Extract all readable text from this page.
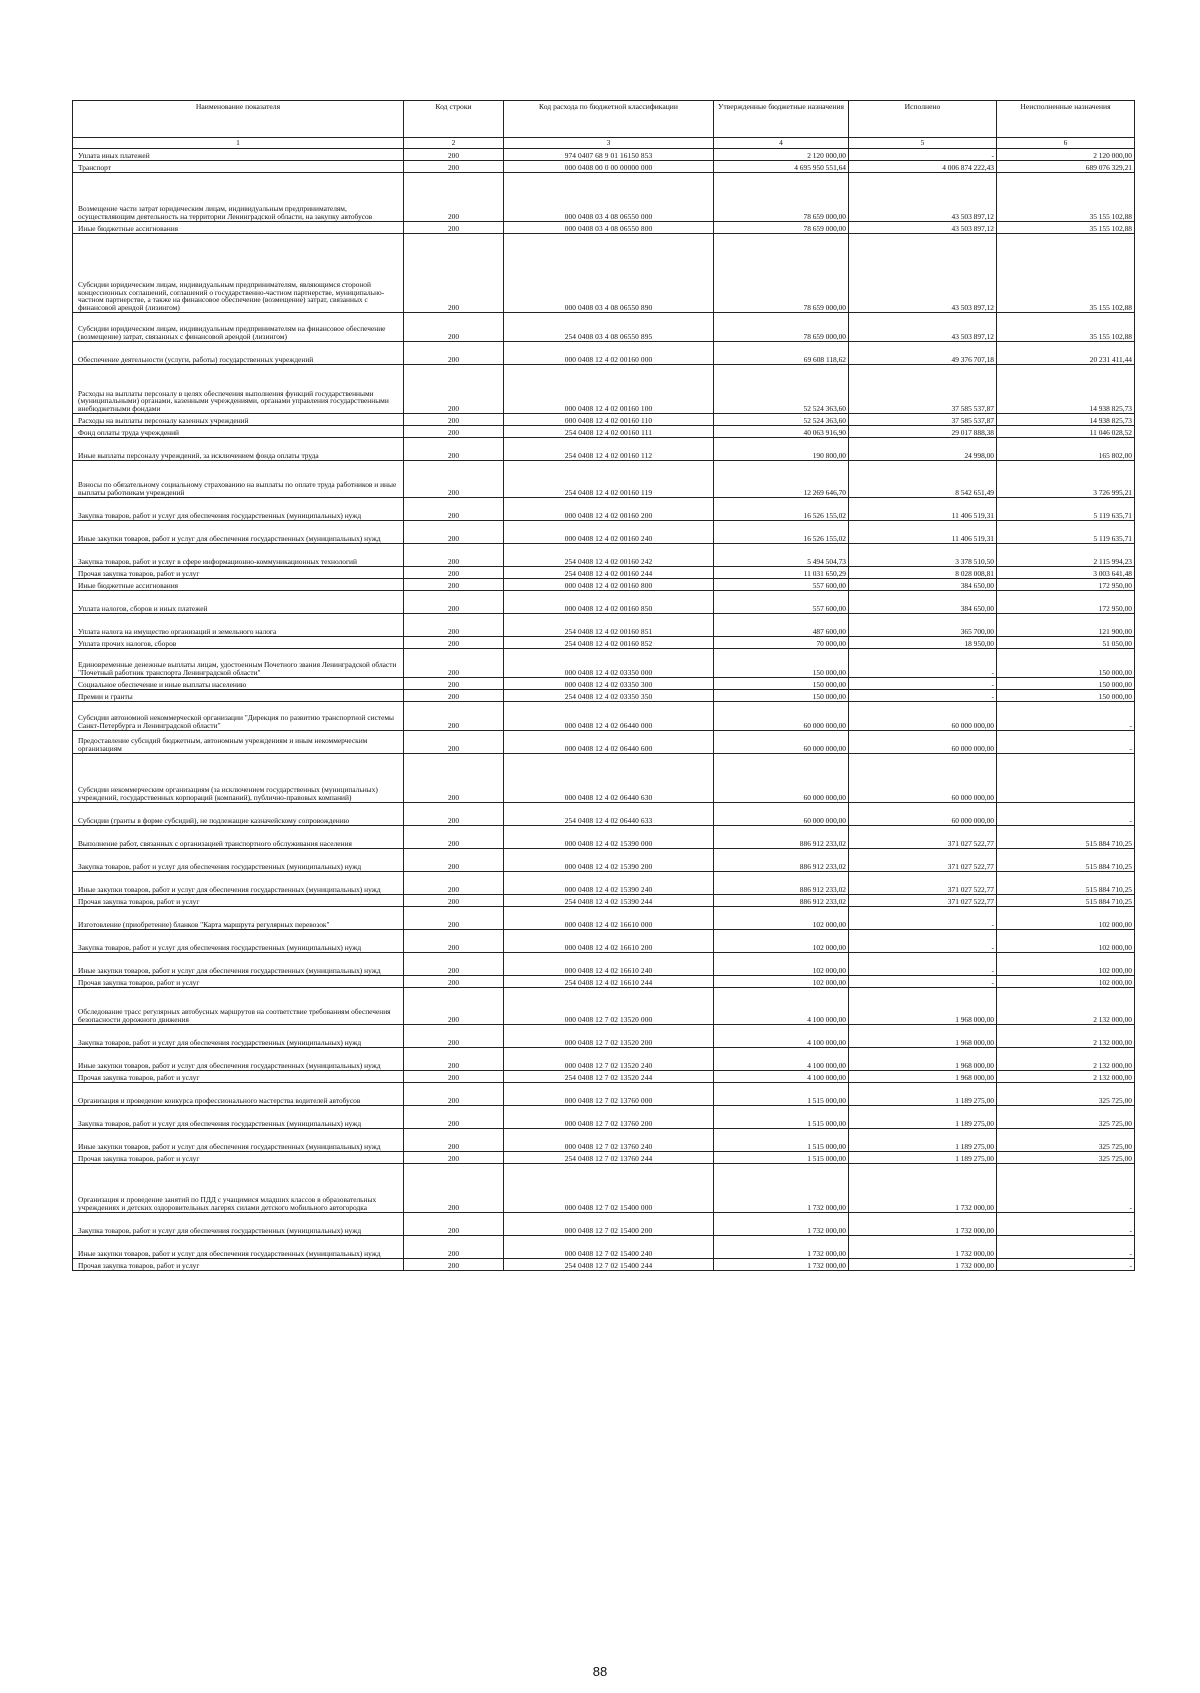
Наименование показателя	Код строки	Код расхода по бюджетной классификации	Утвержденные бюджетные назначения	Исполнено	Неисполненные назначения
1	2	3	4	5	6
Уплата иных платежей	200	974 0407 68 9 01 16150 853	2 120 000,00	-	2 120 000,00
Транспорт	200	000 0408 00 0 00 00000 000	4 695 950 551,64	4 006 874 222,43	689 076 329,21
Возмещение части затрат юридическим лицам, индивидуальным предпринимателям, осуществляющим деятельность на территории Ленинградской области, на закупку автобусов	200	000 0408 03 4 08 06550 000	78 659 000,00	43 503 897,12	35 155 102,88
Иные бюджетные ассигнования	200	000 0408 03 4 08 06550 800	78 659 000,00	43 503 897,12	35 155 102,88
Субсидии юридическим лицам, индивидуальным предпринимателям, являющимся стороной концессионных соглашений, соглашений о государственно-частном партнерстве, муниципально-частном партнерстве, а также на финансовое обеспечение (возмещение) затрат, связанных с финансовой арендой (лизингом)	200	000 0408 03 4 08 06550 890	78 659 000,00	43 503 897,12	35 155 102,88
Субсидии юридическим лицам, индивидуальным предпринимателям на финансовое обеспечение (возмещение) затрат, связанных с финансовой арендой (лизингом)	200	254 0408 03 4 08 06550 895	78 659 000,00	43 503 897,12	35 155 102,88
Обеспечение деятельности (услуги, работы) государственных учреждений	200	000 0408 12 4 02 00160 000	69 608 118,62	49 376 707,18	20 231 411,44
Расходы на выплаты персоналу в целях обеспечения выполнения функций государственными (муниципальными) органами, казенными учреждениями, органами управления государственными внебюджетными фондами	200	000 0408 12 4 02 00160 100	52 524 363,60	37 585 537,87	14 938 825,73
Расходы на выплаты персоналу казенных учреждений	200	000 0408 12 4 02 00160 110	52 524 363,60	37 585 537,87	14 938 825,73
Фонд оплаты труда учреждений	200	254 0408 12 4 02 00160 111	40 063 916,90	29 017 888,38	11 046 028,52
Иные выплаты персоналу учреждений, за исключением фонда оплаты труда	200	254 0408 12 4 02 00160 112	190 800,00	24 998,00	165 802,00
Взносы по обязательному социальному страхованию на выплаты по оплате труда работников и иные выплаты работникам учреждений	200	254 0408 12 4 02 00160 119	12 269 646,70	8 542 651,49	3 726 995,21
Закупка товаров, работ и услуг для обеспечения государственных (муниципальных) нужд	200	000 0408 12 4 02 00160 200	16 526 155,02	11 406 519,31	5 119 635,71
Иные закупки товаров, работ и услуг для обеспечения государственных (муниципальных) нужд	200	000 0408 12 4 02 00160 240	16 526 155,02	11 406 519,31	5 119 635,71
Закупка товаров, работ и услуг в сфере информационно-коммуникационных технологий	200	254 0408 12 4 02 00160 242	5 494 504,73	3 378 510,50	2 115 994,23
Прочая закупка товаров, работ и услуг	200	254 0408 12 4 02 00160 244	11 031 650,29	8 028 008,81	3 003 641,48
Иные бюджетные ассигнования	200	000 0408 12 4 02 00160 800	557 600,00	384 650,00	172 950,00
Уплата налогов, сборов и иных платежей	200	000 0408 12 4 02 00160 850	557 600,00	384 650,00	172 950,00
Уплата налога на имущество организаций и земельного налога	200	254 0408 12 4 02 00160 851	487 600,00	365 700,00	121 900,00
Уплата прочих налогов, сборов	200	254 0408 12 4 02 00160 852	70 000,00	18 950,00	51 050,00
Единовременные денежные выплаты лицам, удостоенным Почетного звания Ленинградской области "Почетный работник транспорта Ленинградской области"	200	000 0408 12 4 02 03350 000	150 000,00	-	150 000,00
Социальное обеспечение и иные выплаты населению	200	000 0408 12 4 02 03350 300	150 000,00	-	150 000,00
Премии и гранты	200	254 0408 12 4 02 03350 350	150 000,00	-	150 000,00
Субсидии автономной некоммерческой организации "Дирекция по развитию транспортной системы Санкт-Петербурга и Ленинградской области"	200	000 0408 12 4 02 06440 000	60 000 000,00	60 000 000,00	-
Предоставление субсидий бюджетным, автономным учреждениям и иным некоммерческим организациям	200	000 0408 12 4 02 06440 600	60 000 000,00	60 000 000,00	-
Субсидии некоммерческим организациям (за исключением государственных (муниципальных) учреждений, государственных корпораций (компаний), публично-правовых компаний)	200	000 0408 12 4 02 06440 630	60 000 000,00	60 000 000,00	
Субсидии (гранты в форме субсидий), не подлежащие казначейскому сопровождению	200	254 0408 12 4 02 06440 633	60 000 000,00	60 000 000,00	-
Выполнение работ, связанных с организацией транспортного обслуживания населения	200	000 0408 12 4 02 15390 000	886 912 233,02	371 027 522,77	515 884 710,25
Закупка товаров, работ и услуг для обеспечения государственных (муниципальных) нужд	200	000 0408 12 4 02 15390 200	886 912 233,02	371 027 522,77	515 884 710,25
Иные закупки товаров, работ и услуг для обеспечения государственных (муниципальных) нужд	200	000 0408 12 4 02 15390 240	886 912 233,02	371 027 522,77	515 884 710,25
Прочая закупка товаров, работ и услуг	200	254 0408 12 4 02 15390 244	886 912 233,02	371 027 522,77	515 884 710,25
Изготовление (приобретение) бланков "Карта маршрута регулярных перевозок"	200	000 0408 12 4 02 16610 000	102 000,00	-	102 000,00
Закупка товаров, работ и услуг для обеспечения государственных (муниципальных) нужд	200	000 0408 12 4 02 16610 200	102 000,00	-	102 000,00
Иные закупки товаров, работ и услуг для обеспечения государственных (муниципальных) нужд	200	000 0408 12 4 02 16610 240	102 000,00	-	102 000,00
Прочая закупка товаров, работ и услуг	200	254 0408 12 4 02 16610 244	102 000,00	-	102 000,00
Обследование трасс регулярных автобусных маршрутов на соответствие требованиям обеспечения безопасности дорожного движения	200	000 0408 12 7 02 13520 000	4 100 000,00	1 968 000,00	2 132 000,00
Закупка товаров, работ и услуг для обеспечения государственных (муниципальных) нужд	200	000 0408 12 7 02 13520 200	4 100 000,00	1 968 000,00	2 132 000,00
Иные закупки товаров, работ и услуг для обеспечения государственных (муниципальных) нужд	200	000 0408 12 7 02 13520 240	4 100 000,00	1 968 000,00	2 132 000,00
Прочая закупка товаров, работ и услуг	200	254 0408 12 7 02 13520 244	4 100 000,00	1 968 000,00	2 132 000,00
Организация и проведение конкурса профессионального мастерства водителей автобусов	200	000 0408 12 7 02 13760 000	1 515 000,00	1 189 275,00	325 725,00
Закупка товаров, работ и услуг для обеспечения государственных (муниципальных) нужд	200	000 0408 12 7 02 13760 200	1 515 000,00	1 189 275,00	325 725,00
Иные закупки товаров, работ и услуг для обеспечения государственных (муниципальных) нужд	200	000 0408 12 7 02 13760 240	1 515 000,00	1 189 275,00	325 725,00
Прочая закупка товаров, работ и услуг	200	254 0408 12 7 02 13760 244	1 515 000,00	1 189 275,00	325 725,00
Организация и проведение занятий по ПДД с учащимися младших классов в образовательных учреждениях и детских оздоровительных лагерях силами детского мобильного автогородка	200	000 0408 12 7 02 15400 000	1 732 000,00	1 732 000,00	-
Закупка товаров, работ и услуг для обеспечения государственных (муниципальных) нужд	200	000 0408 12 7 02 15400 200	1 732 000,00	1 732 000,00	-
Иные закупки товаров, работ и услуг для обеспечения государственных (муниципальных) нужд	200	000 0408 12 7 02 15400 240	1 732 000,00	1 732 000,00	-
Прочая закупка товаров, работ и услуг	200	254 0408 12 7 02 15400 244	1 732 000,00	1 732 000,00	-
88
